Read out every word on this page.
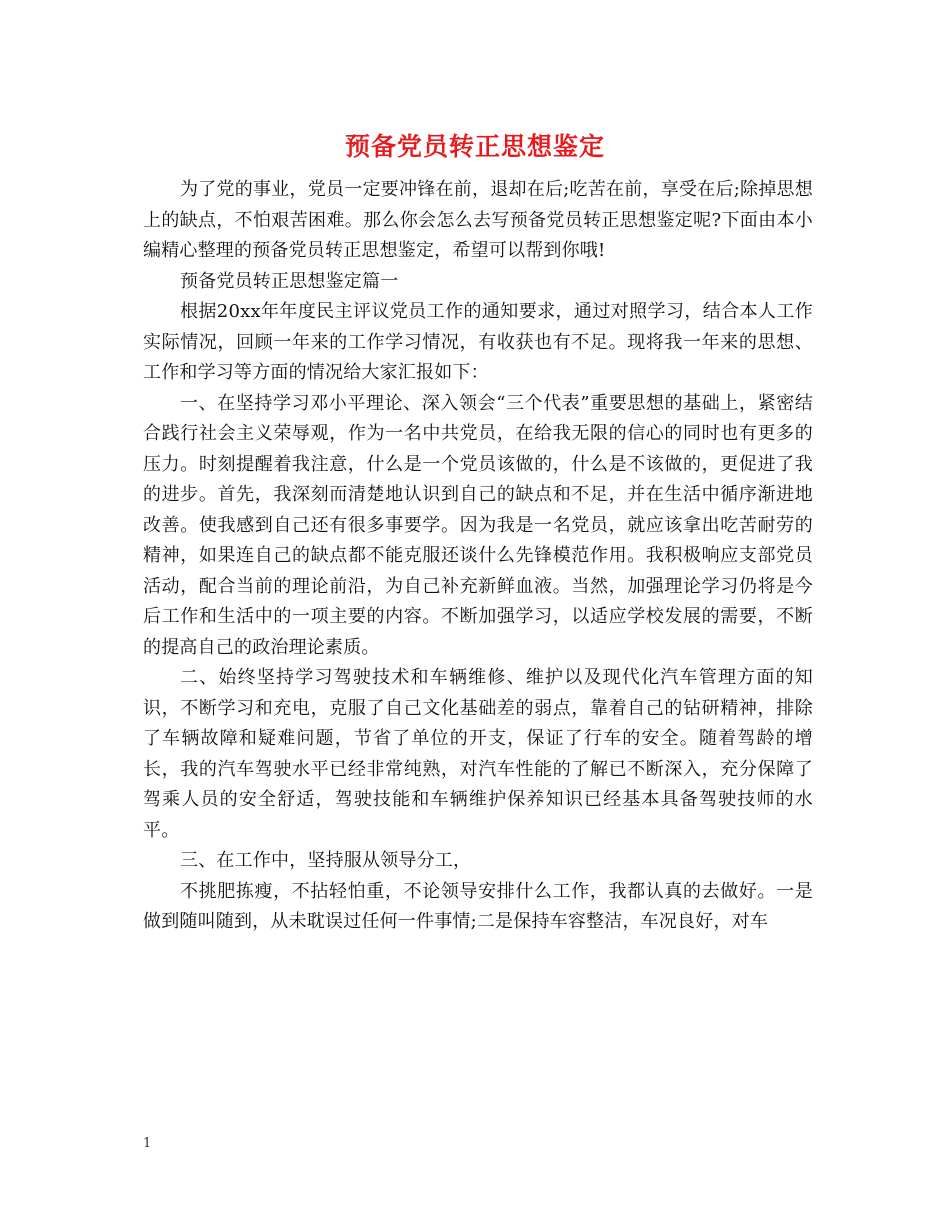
预备党员转正思想鉴定

为了党的事业，党员一定要冲锋在前，退却在后;吃苦在前，享受在后;除掉思想上的缺点，不怕艰苦困难。那么你会怎么去写预备党员转正思想鉴定呢?下面由本小编精心整理的预备党员转正思想鉴定，希望可以帮到你哦!

预备党员转正思想鉴定篇一

根据20xx年年度民主评议党员工作的通知要求，通过对照学习，结合本人工作实际情况，回顾一年来的工作学习情况，有收获也有不足。现将我一年来的思想、工作和学习等方面的情况给大家汇报如下：

一、在坚持学习邓小平理论、深入领会“三个代表”重要思想的基础上，紧密结合践行社会主义荣辱观，作为一名中共党员，在给我无限的信心的同时也有更多的压力。时刻提醒着我注意，什么是一个党员该做的，什么是不该做的，更促进了我的进步。首先，我深刻而清楚地认识到自己的缺点和不足，并在生活中循序渐进地改善。使我感到自己还有很多事要学。因为我是一名党员，就应该拿出吃苦耐劳的精神，如果连自己的缺点都不能克服还谈什么先锋模范作用。我积极响应支部党员活动，配合当前的理论前沿，为自己补充新鲜血液。当然，加强理论学习仍将是今后工作和生活中的一项主要的内容。不断加强学习，以适应学校发展的需要，不断的提高自己的政治理论素质。

二、始终坚持学习驾驶技术和车辆维修、维护以及现代化汽车管理方面的知识，不断学习和充电，克服了自己文化基础差的弱点，靠着自己的钻研精神，排除了车辆故障和疑难问题，节省了单位的开支，保证了行车的安全。随着驾龄的增长，我的汽车驾驶水平已经非常纯熟，对汽车性能的了解已不断深入，充分保障了驾乘人员的安全舒适，驾驶技能和车辆维护保养知识已经基本具备驾驶技师的水平。

三、在工作中，坚持服从领导分工，

不挑肥拣瘦，不拈轻怕重，不论领导安排什么工作，我都认真的去做好。一是做到随叫随到，从未耽误过任何一件事情;二是保持车容整洁，车况良好，对车

1
